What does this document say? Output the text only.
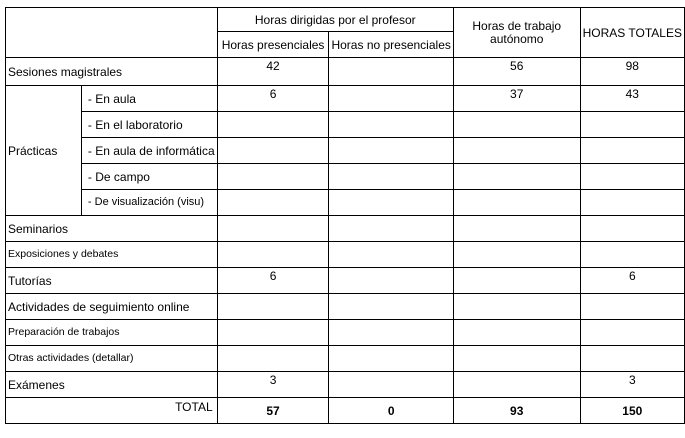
		Horas dirigidas por el profesor		Horas de trabajo autónomo	HORAS TOTALES
		Horas presenciales	Horas no presenciales		
Sesiones magistrales		42		56	98
Prácticas	- En aula	6		37	43
	- En el laboratorio				
	- En aula de informática				
	- De campo				
	- De visualización (visu)				
Seminarios					
Exposiciones y debates					
Tutorías		6			6
Actividades de seguimiento online					
Preparación de trabajos					
Otras actividades (detallar)					
Exámenes		3			3
TOTAL		57	0	93	150
